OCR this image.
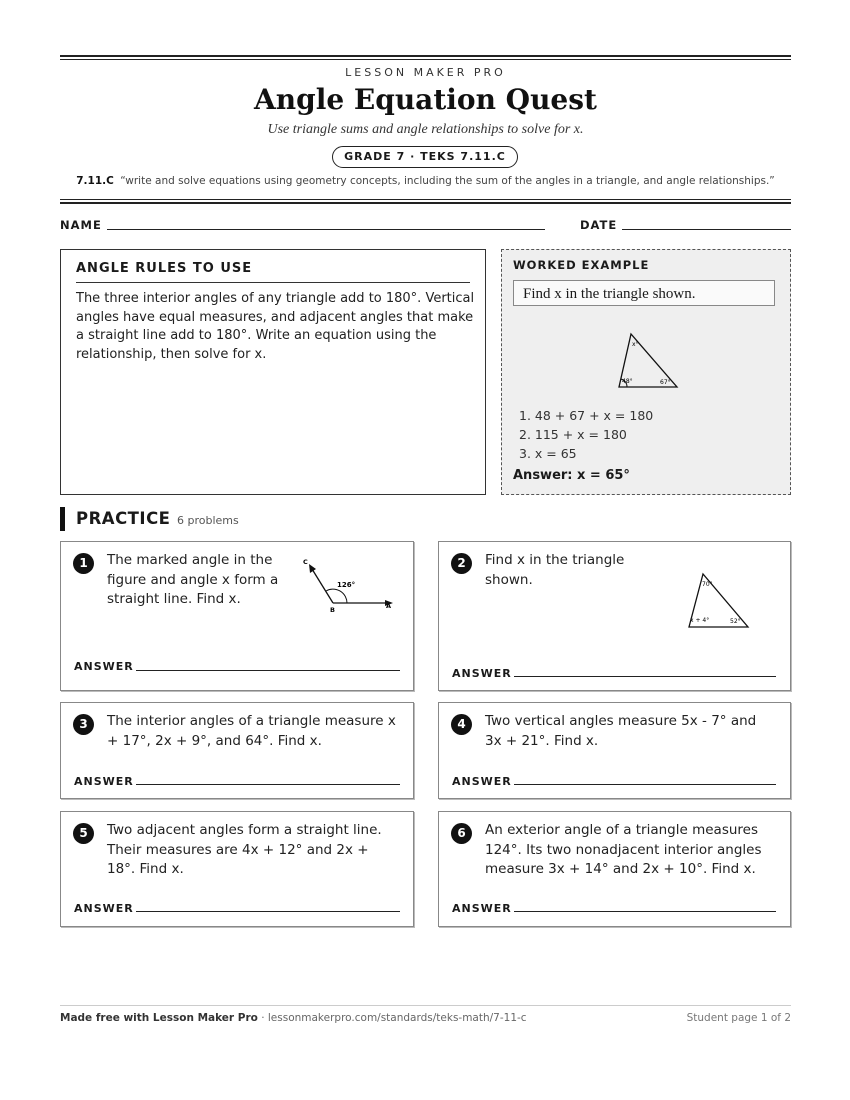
LESSON MAKER PRO
Angle Equation Quest
Use triangle sums and angle relationships to solve for x.
GRADE 7 · TEKS 7.11.C
7.11.C “write and solve equations using geometry concepts, including the sum of the angles in a triangle, and angle relationships.”
NAME	DATE
ANGLE RULES TO USE
The three interior angles of any triangle add to 180°. Vertical angles have equal measures, and adjacent angles that make a straight line add to 180°. Write an equation using the relationship, then solve for x.
WORKED EXAMPLE
Find x in the triangle shown.
x°
48°	67°
1. 48 + 67 + x = 180
2. 115 + x = 180
3. x = 65
Answer: x = 65°
PRACTICE 6 problems
1	The marked angle in the figure and angle x form a straight line. Find x.
126°
C
B	A
ANSWER
2	Find x in the triangle shown.	70°
x + 4°	52°
ANSWER
3	The interior angles of a triangle measure x + 17°, 2x + 9°, and 64°. Find x.
ANSWER
4	Two vertical angles measure 5x - 7° and 3x + 21°. Find x.
ANSWER
5	Two adjacent angles form a straight line. Their measures are 4x + 12° and 2x + 18°. Find x.
ANSWER
6	An exterior angle of a triangle measures 124°. Its two nonadjacent interior angles measure 3x + 14° and 2x + 10°. Find x.
ANSWER
Made free with Lesson Maker Pro · lessonmakerpro.com/standards/teks-math/7-11-c	Student page 1 of 2
